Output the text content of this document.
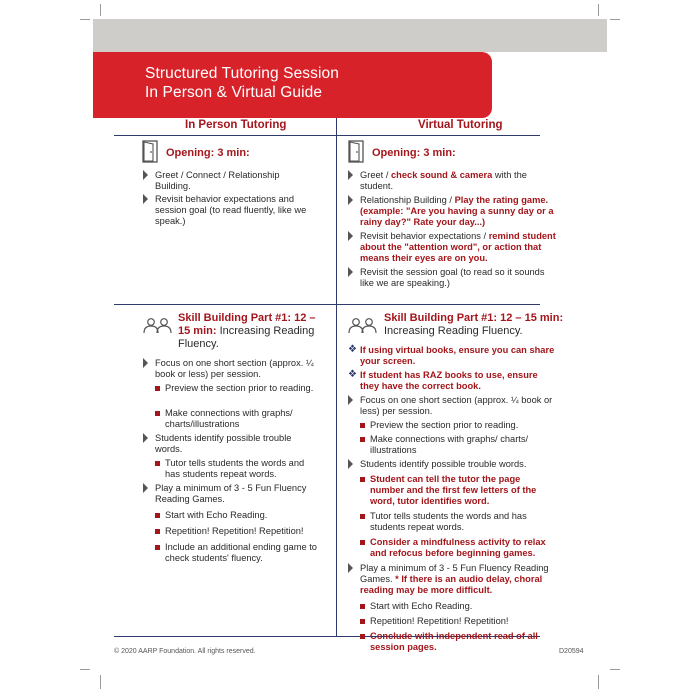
Structured Tutoring Session
In Person & Virtual Guide
In Person Tutoring	Virtual Tutoring
Opening: 3 min:
Greet / Connect / Relationship Building.
Revisit behavior expectations and session goal (to read fluently, like we speak.)
Skill Building Part #1: 12 – 15 min: Increasing Reading Fluency.
Focus on one short section (approx. ¼ book or less) per session.
Preview the section prior to reading.
Make connections with graphs/ charts/illustrations
Students identify possible trouble words.
Tutor tells students the words and has students repeat words.
Play a minimum of 3 - 5 Fun Fluency Reading Games.
Start with Echo Reading.
Repetition! Repetition! Repetition!
Include an additional ending game to check students' fluency.
Opening: 3 min:
Greet / check sound & camera with the student.
Relationship Building / Play the rating game. (example: "Are you having a sunny day or a rainy day?" Rate your day...)
Revisit behavior expectations / remind student about the "attention word", or action that means their eyes are on you.
Revisit the session goal (to read so it sounds like we are speaking.)
Skill Building Part #1: 12 – 15 min: Increasing Reading Fluency.
❖ If using virtual books, ensure you can share your screen.
❖ If student has RAZ books to use, ensure they have the correct book.
Focus on one short section (approx. ¼ book or less) per session.
Preview the section prior to reading.
Make connections with graphs/ charts/ illustrations
Students identify possible trouble words.
Student can tell the tutor the page number and the first few letters of the word, tutor identifies word.
Tutor tells students the words and has students repeat words.
Consider a mindfulness activity to relax and refocus before beginning games.
Play a minimum of 3 - 5 Fun Fluency Reading Games. * If there is an audio delay, choral reading may be more difficult.
Start with Echo Reading.
Repetition! Repetition! Repetition!
Conclude with independent read of all session pages.
© 2020 AARP Foundation. All rights reserved.	D20594
